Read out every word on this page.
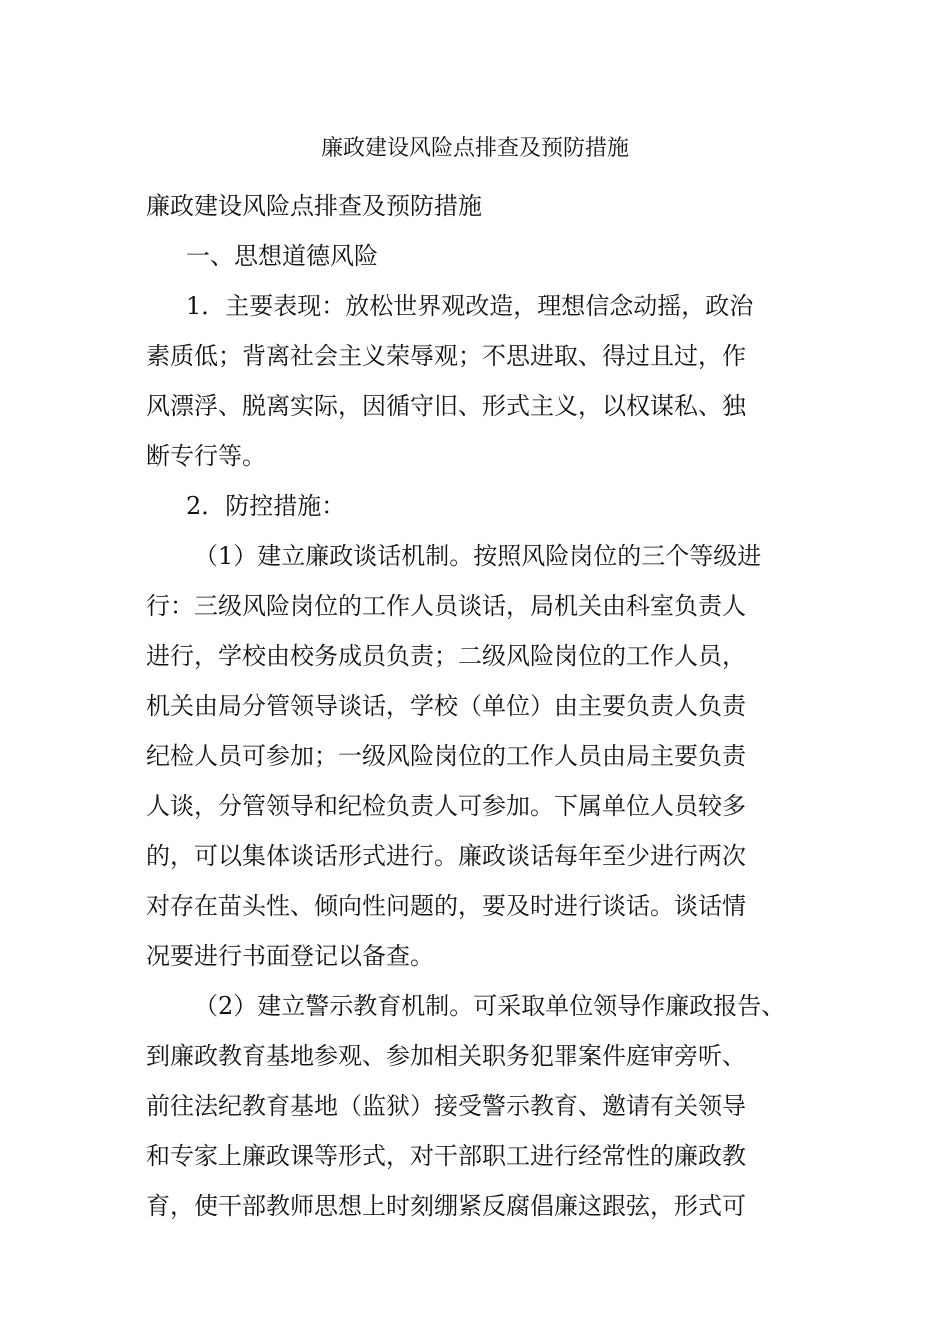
廉政建设风险点排查及预防措施

廉政建设风险点排查及预防措施

一、思想道德风险

1．主要表现：放松世界观改造，理想信念动摇，政治

素质低；背离社会主义荣辱观；不思进取、得过且过，作

风漂浮、脱离实际，因循守旧、形式主义，以权谋私、独

断专行等。

2．防控措施：

（1）建立廉政谈话机制。按照风险岗位的三个等级进

行：三级风险岗位的工作人员谈话，局机关由科室负责人

进行，学校由校务成员负责；二级风险岗位的工作人员，

机关由局分管领导谈话，学校（单位）由主要负责人负责

纪检人员可参加；一级风险岗位的工作人员由局主要负责

人谈，分管领导和纪检负责人可参加。下属单位人员较多

的，可以集体谈话形式进行。廉政谈话每年至少进行两次

对存在苗头性、倾向性问题的，要及时进行谈话。谈话情

况要进行书面登记以备查。

（2）建立警示教育机制。可采取单位领导作廉政报告、

到廉政教育基地参观、参加相关职务犯罪案件庭审旁听、

前往法纪教育基地（监狱）接受警示教育、邀请有关领导

和专家上廉政课等形式，对干部职工进行经常性的廉政教

育，使干部教师思想上时刻绷紧反腐倡廉这跟弦，形式可
